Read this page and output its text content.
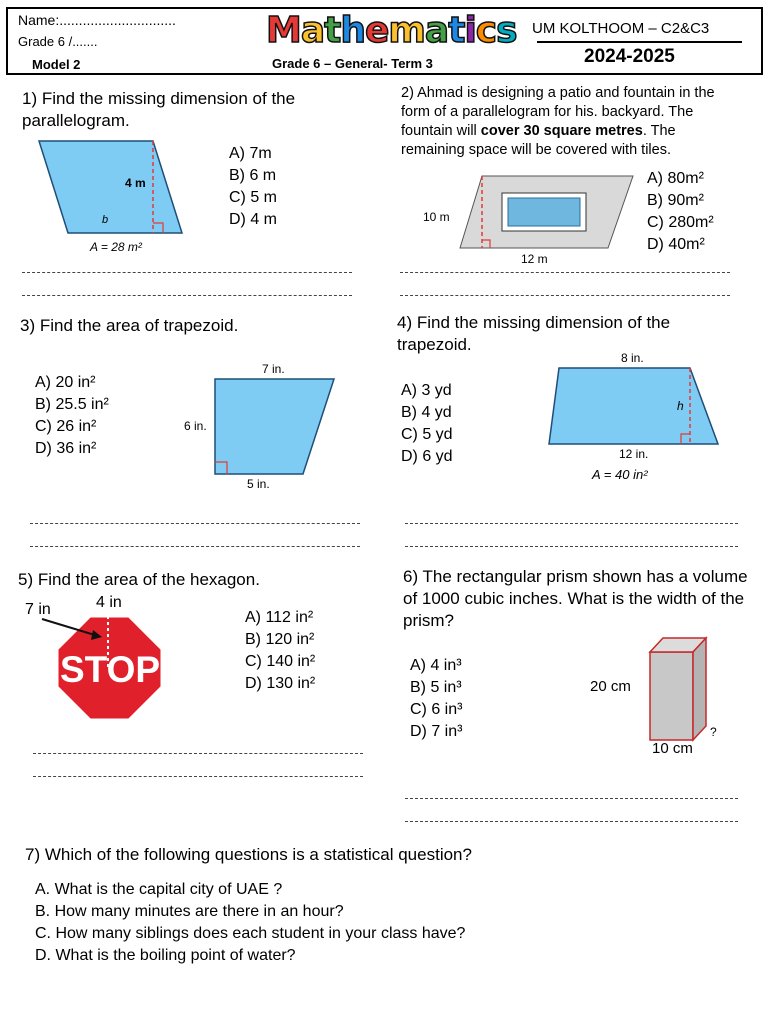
Name:..............................
Grade 6 /.......
Model 2
Mathematics
Grade 6 – General- Term 3
UM KOLTHOOM – C2&C3
2024-2025
1) Find the missing dimension of the parallelogram.
4 m
b
A = 28 m²
A) 7m
B) 6 m
C) 5 m
D) 4 m
2) Ahmad is designing a patio and fountain in the form of a parallelogram for his. backyard. The fountain will cover 30 square metres. The remaining space will be covered with tiles.
10 m
12 m
A) 80m²
B) 90m²
C) 280m²
D) 40m²
3) Find the area of trapezoid.
A) 20 in²
B) 25.5 in²
C) 26 in²
D) 36 in²
7 in.
6 in.
5 in.
4) Find the missing dimension of the trapezoid.
A) 3 yd
B) 4 yd
C) 5 yd
D) 6 yd
8 in.
h
12 in.
A = 40 in²
5) Find the area of the hexagon.
7 in	4 in
STOP
A) 112 in²
B) 120 in²
C) 140 in²
D) 130 in²
6) The rectangular prism shown has a volume of 1000 cubic inches. What is the width of the prism?
A) 4 in³
B) 5 in³
C) 6 in³
D) 7 in³
20 cm
10 cm
?
7) Which of the following questions is a statistical question?
A. What is the capital city of UAE ?
B. How many minutes are there in an hour?
C. How many siblings does each student in your class have?
D. What is the boiling point of water?
